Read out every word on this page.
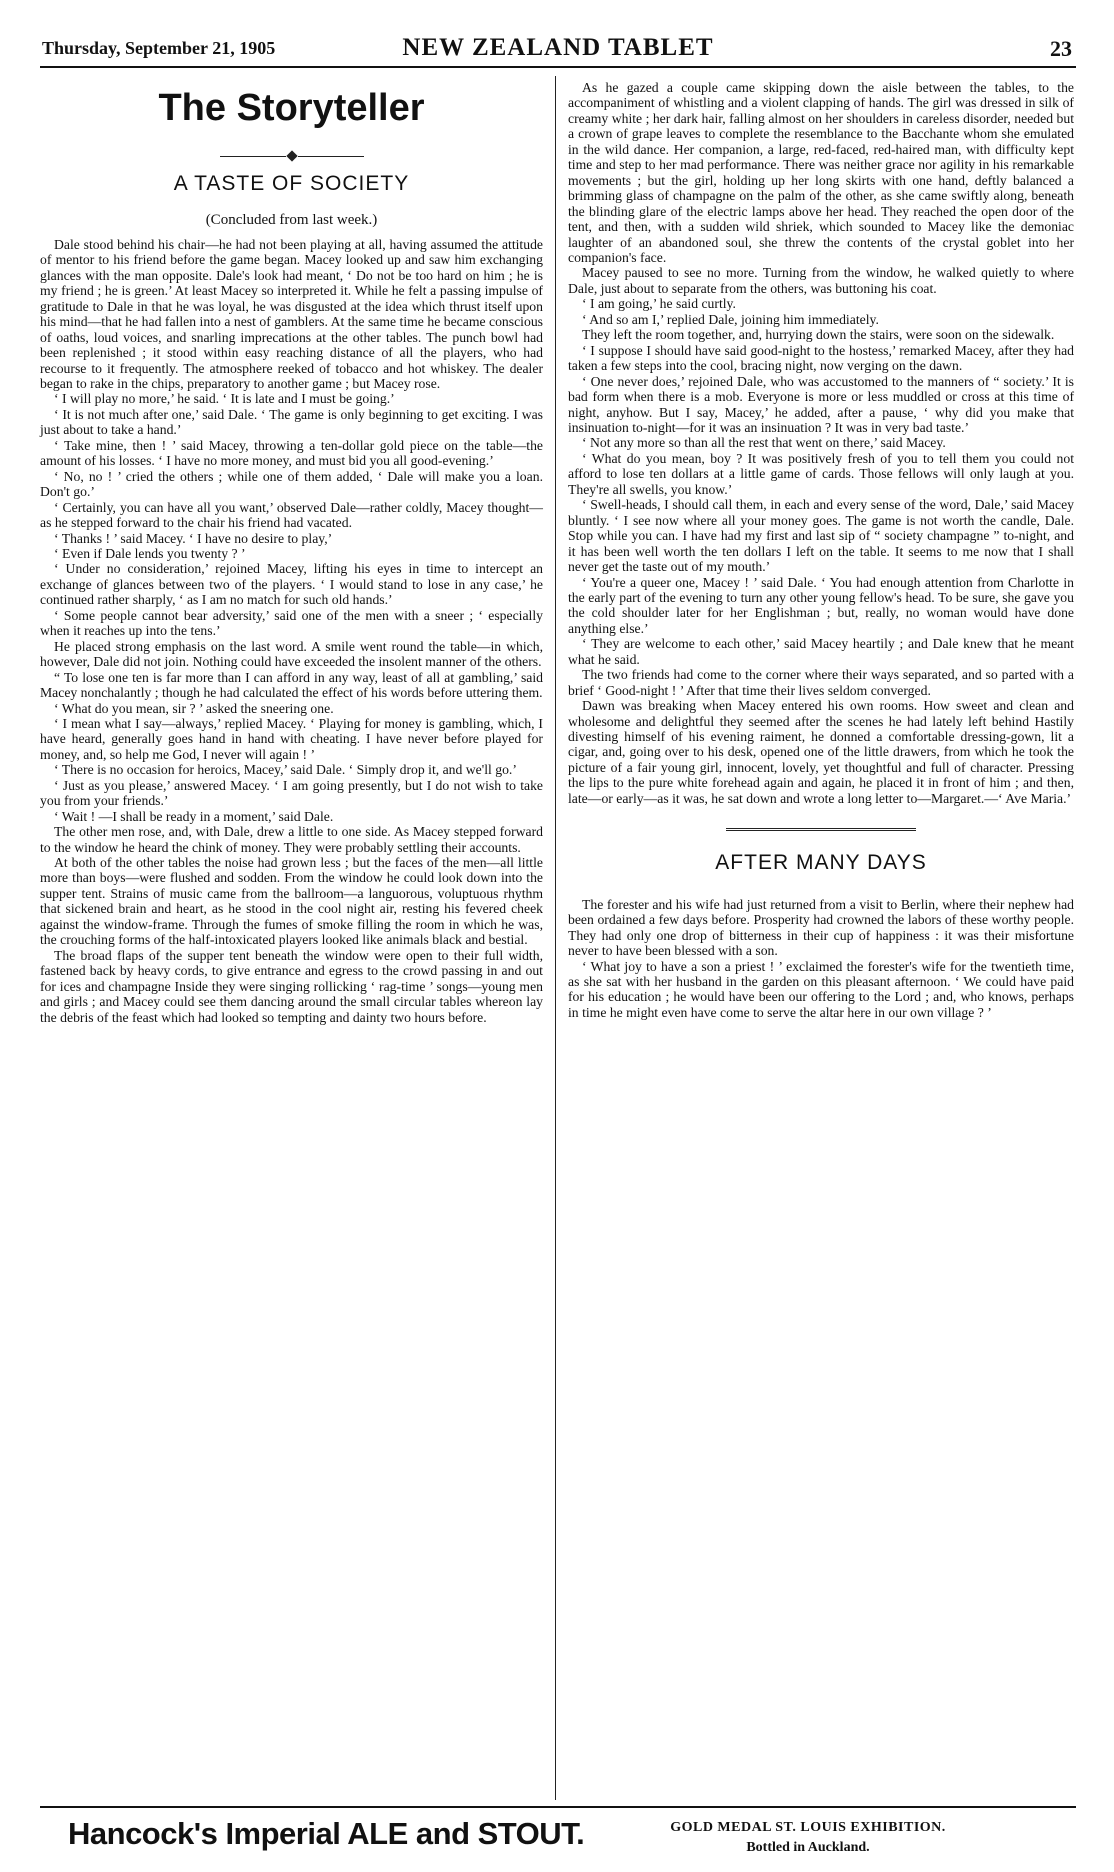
Thursday, September 21, 1905	NEW ZEALAND TABLET	23
The Storyteller
A TASTE OF SOCIETY
(Concluded from last week.)

Dale stood behind his chair—he had not been playing at all, having assumed the attitude of mentor to his friend before the game began. Macey looked up and saw him exchanging glances with the man opposite. Dale's look had meant, ‘ Do not be too hard on him ; he is my friend ; he is green.’ At least Macey so interpreted it. While he felt a passing impulse of gratitude to Dale in that he was loyal, he was disgusted at the idea which thrust itself upon his mind—that he had fallen into a nest of gamblers. At the same time he became conscious of oaths, loud voices, and snarling imprecations at the other tables. The punch bowl had been replenished ; it stood within easy reaching distance of all the players, who had recourse to it frequently. The atmosphere reeked of tobacco and hot whiskey. The dealer began to rake in the chips, preparatory to another game ; but Macey rose.

‘ I will play no more,’ he said. ‘ It is late and I must be going.’

‘ It is not much after one,’ said Dale. ‘ The game is only beginning to get exciting. I was just about to take a hand.’

‘ Take mine, then ! ’ said Macey, throwing a ten-dollar gold piece on the table—the amount of his losses. ‘ I have no more money, and must bid you all good-evening.’

‘ No, no ! ’ cried the others ; while one of them added, ‘ Dale will make you a loan. Don't go.’

‘ Certainly, you can have all you want,’ observed Dale—rather coldly, Macey thought—as he stepped forward to the chair his friend had vacated.

‘ Thanks ! ’ said Macey. ‘ I have no desire to play,’

‘ Even if Dale lends you twenty ? ’

‘ Under no consideration,’ rejoined Macey, lifting his eyes in time to intercept an exchange of glances between two of the players. ‘ I would stand to lose in any case,’ he continued rather sharply, ‘ as I am no match for such old hands.’

‘ Some people cannot bear adversity,’ said one of the men with a sneer ; ‘ especially when it reaches up into the tens.’

He placed strong emphasis on the last word. A smile went round the table—in which, however, Dale did not join. Nothing could have exceeded the insolent manner of the others.

“ To lose one ten is far more than I can afford in any way, least of all at gambling,’ said Macey nonchalantly ; though he had calculated the effect of his words before uttering them.

‘ What do you mean, sir ? ’ asked the sneering one.

‘ I mean what I say—always,’ replied Macey. ‘ Playing for money is gambling, which, I have heard, generally goes hand in hand with cheating. I have never before played for money, and, so help me God, I never will again ! ’

‘ There is no occasion for heroics, Macey,’ said Dale. ‘ Simply drop it, and we'll go.’

‘ Just as you please,’ answered Macey. ‘ I am going presently, but I do not wish to take you from your friends.’

‘ Wait ! —I shall be ready in a moment,’ said Dale.

The other men rose, and, with Dale, drew a little to one side. As Macey stepped forward to the window he heard the chink of money. They were probably settling their accounts.

At both of the other tables the noise had grown less ; but the faces of the men—all little more than boys—were flushed and sodden. From the window he could look down into the supper tent. Strains of music came from the ballroom—a languorous, voluptuous rhythm that sickened brain and heart, as he stood in the cool night air, resting his fevered cheek against the window-frame. Through the fumes of smoke filling the room in which he was, the crouching forms of the half-intoxicated players looked like animals black and bestial.

The broad flaps of the supper tent beneath the window were open to their full width, fastened back by heavy cords, to give entrance and egress to the crowd passing in and out for ices and champagne Inside they were singing rollicking ‘ rag-time ’ songs—young men and girls ; and Macey could see them dancing around the small circular tables whereon lay the debris of the feast which had looked so tempting and dainty two hours before.

As he gazed a couple came skipping down the aisle between the tables, to the accompaniment of whistling and a violent clapping of hands. The girl was dressed in silk of creamy white ; her dark hair, falling almost on her shoulders in careless disorder, needed but a crown of grape leaves to complete the resemblance to the Bacchante whom she emulated in the wild dance. Her companion, a large, red-faced, red-haired man, with difficulty kept time and step to her mad performance. There was neither grace nor agility in his remarkable movements ; but the girl, holding up her long skirts with one hand, deftly balanced a brimming glass of champagne on the palm of the other, as she came swiftly along, beneath the blinding glare of the electric lamps above her head. They reached the open door of the tent, and then, with a sudden wild shriek, which sounded to Macey like the demoniac laughter of an abandoned soul, she threw the contents of the crystal goblet into her companion's face.

Macey paused to see no more. Turning from the window, he walked quietly to where Dale, just about to separate from the others, was buttoning his coat.

‘ I am going,’ he said curtly.

‘ And so am I,’ replied Dale, joining him immediately.

They left the room together, and, hurrying down the stairs, were soon on the sidewalk.

‘ I suppose I should have said good-night to the hostess,’ remarked Macey, after they had taken a few steps into the cool, bracing night, now verging on the dawn.

‘ One never does,’ rejoined Dale, who was accustomed to the manners of “ society.’ It is bad form when there is a mob. Everyone is more or less muddled or cross at this time of night, anyhow. But I say, Macey,’ he added, after a pause, ‘ why did you make that insinuation to-night—for it was an insinuation ? It was in very bad taste.’

‘ Not any more so than all the rest that went on there,’ said Macey.

‘ What do you mean, boy ? It was positively fresh of you to tell them you could not afford to lose ten dollars at a little game of cards. Those fellows will only laugh at you. They're all swells, you know.’

‘ Swell-heads, I should call them, in each and every sense of the word, Dale,’ said Macey bluntly. ‘ I see now where all your money goes. The game is not worth the candle, Dale. Stop while you can. I have had my first and last sip of “ society champagne ” to-night, and it has been well worth the ten dollars I left on the table. It seems to me now that I shall never get the taste out of my mouth.’

‘ You're a queer one, Macey ! ’ said Dale. ‘ You had enough attention from Charlotte in the early part of the evening to turn any other young fellow's head. To be sure, she gave you the cold shoulder later for her Englishman ; but, really, no woman would have done anything else.’

‘ They are welcome to each other,’ said Macey heartily ; and Dale knew that he meant what he said.

The two friends had come to the corner where their ways separated, and so parted with a brief ‘ Good-night ! ’ After that time their lives seldom converged.

Dawn was breaking when Macey entered his own rooms. How sweet and clean and wholesome and delightful they seemed after the scenes he had lately left behind Hastily divesting himself of his evening raiment, he donned a comfortable dressing-gown, lit a cigar, and, going over to his desk, opened one of the little drawers, from which he took the picture of a fair young girl, innocent, lovely, yet thoughtful and full of character. Pressing the lips to the pure white forehead again and again, he placed it in front of him ; and then, late—or early—as it was, he sat down and wrote a long letter to—Margaret.—‘ Ave Maria.’

AFTER MANY DAYS

The forester and his wife had just returned from a visit to Berlin, where their nephew had been ordained a few days before. Prosperity had crowned the labors of these worthy people. They had only one drop of bitterness in their cup of happiness : it was their misfortune never to have been blessed with a son.

‘ What joy to have a son a priest ! ’ exclaimed the forester's wife for the twentieth time, as she sat with her husband in the garden on this pleasant afternoon. ‘ We could have paid for his education ; he would have been our offering to the Lord ; and, who knows, perhaps in time he might even have come to serve the altar here in our own village ? ’

Hancock's Imperial ALE and STOUT.	GOLD MEDAL ST. LOUIS EXHIBITION.
Bottled in Auckland.
